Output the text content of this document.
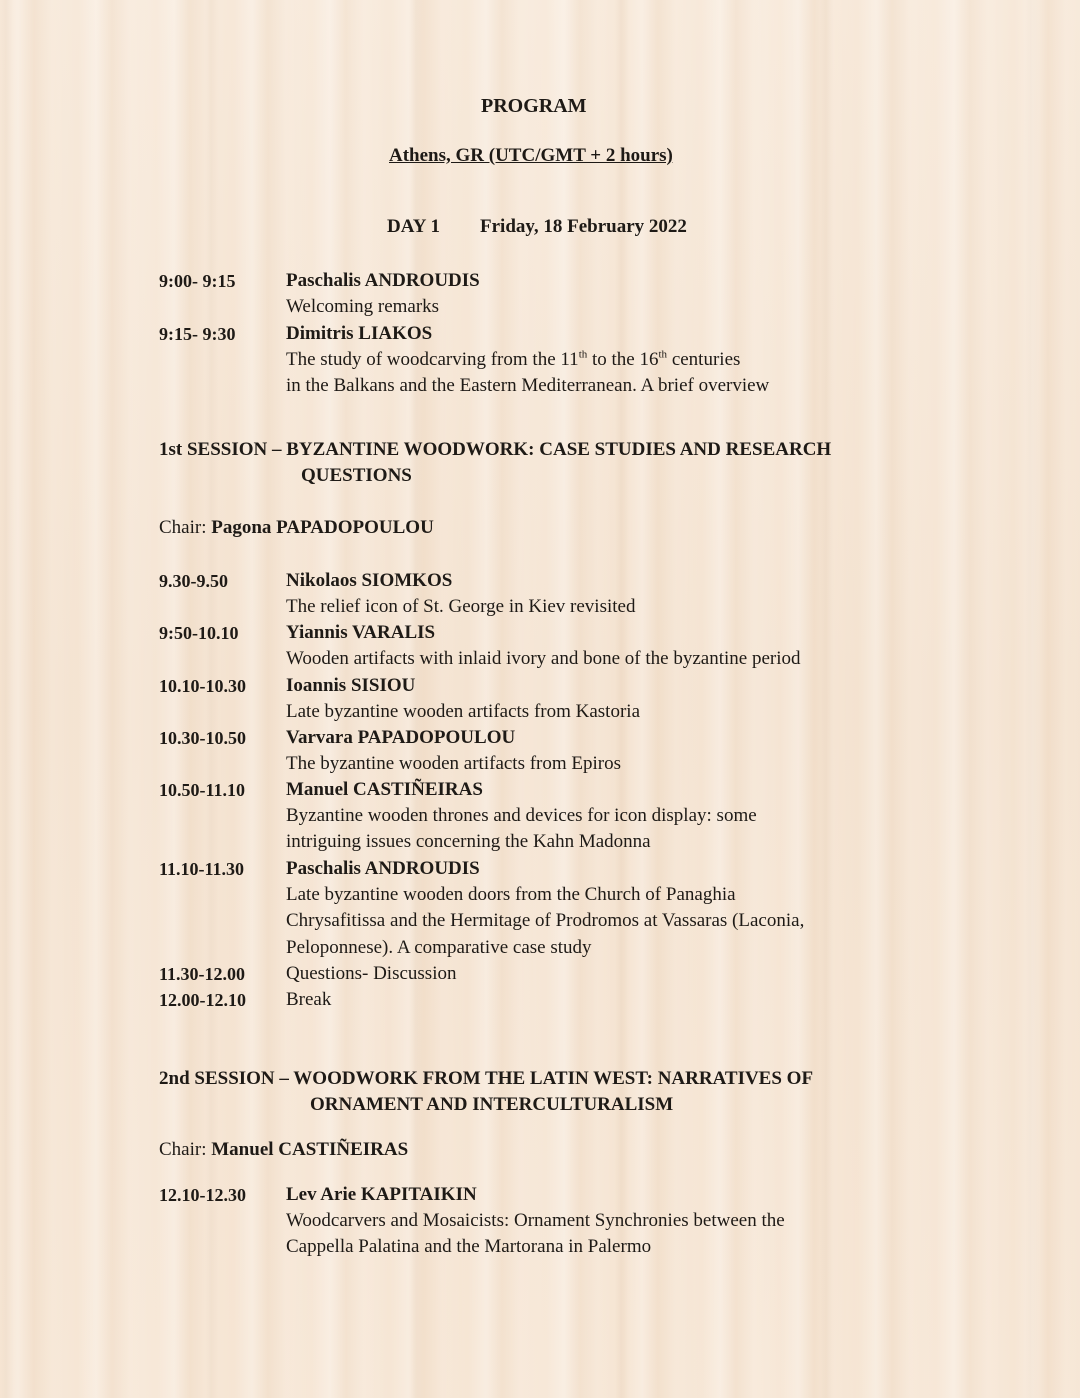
PROGRAM
Athens, GR (UTC/GMT + 2 hours)
DAY 1 Friday, 18 February 2022
9:00- 9:15	Paschalis ANDROUDIS
Welcoming remarks
9:15- 9:30	Dimitris LIAKOS
The study of woodcarving from the 11th to the 16th centuries
in the Balkans and the Eastern Mediterranean. A brief overview
1st SESSION – BYZANTINE WOODWORK: CASE STUDIES AND RESEARCH
QUESTIONS
Chair: Pagona PAPADOPOULOU
9.30-9.50	Nikolaos SIOMKOS
The relief icon of St. George in Kiev revisited
9:50-10.10	Yiannis VARALIS
Wooden artifacts with inlaid ivory and bone of the byzantine period
10.10-10.30 Ioannis SISIOU
Late byzantine wooden artifacts from Kastoria
10.30-10.50 Varvara PAPADOPOULOU
The byzantine wooden artifacts from Epiros
10.50-11.10 Manuel CASTIÑEIRAS
Byzantine wooden thrones and devices for icon display: some
intriguing issues concerning the Kahn Madonna
11.10-11.30 Paschalis ANDROUDIS
Late byzantine wooden doors from the Church of Panaghia
Chrysafitissa and the Hermitage of Prodromos at Vassaras (Laconia,
Peloponnese). A comparative case study
11.30-12.00 Questions- Discussion
12.00-12.10 Break
2nd SESSION – WOODWORK FROM THE LATIN WEST: NARRATIVES OF
ORNAMENT AND INTERCULTURALISM
Chair: Manuel CASTIÑEIRAS
12.10-12.30 Lev Arie KAPITAIKIN
Woodcarvers and Mosaicists: Ornament Synchronies between the
Cappella Palatina and the Martorana in Palermo
